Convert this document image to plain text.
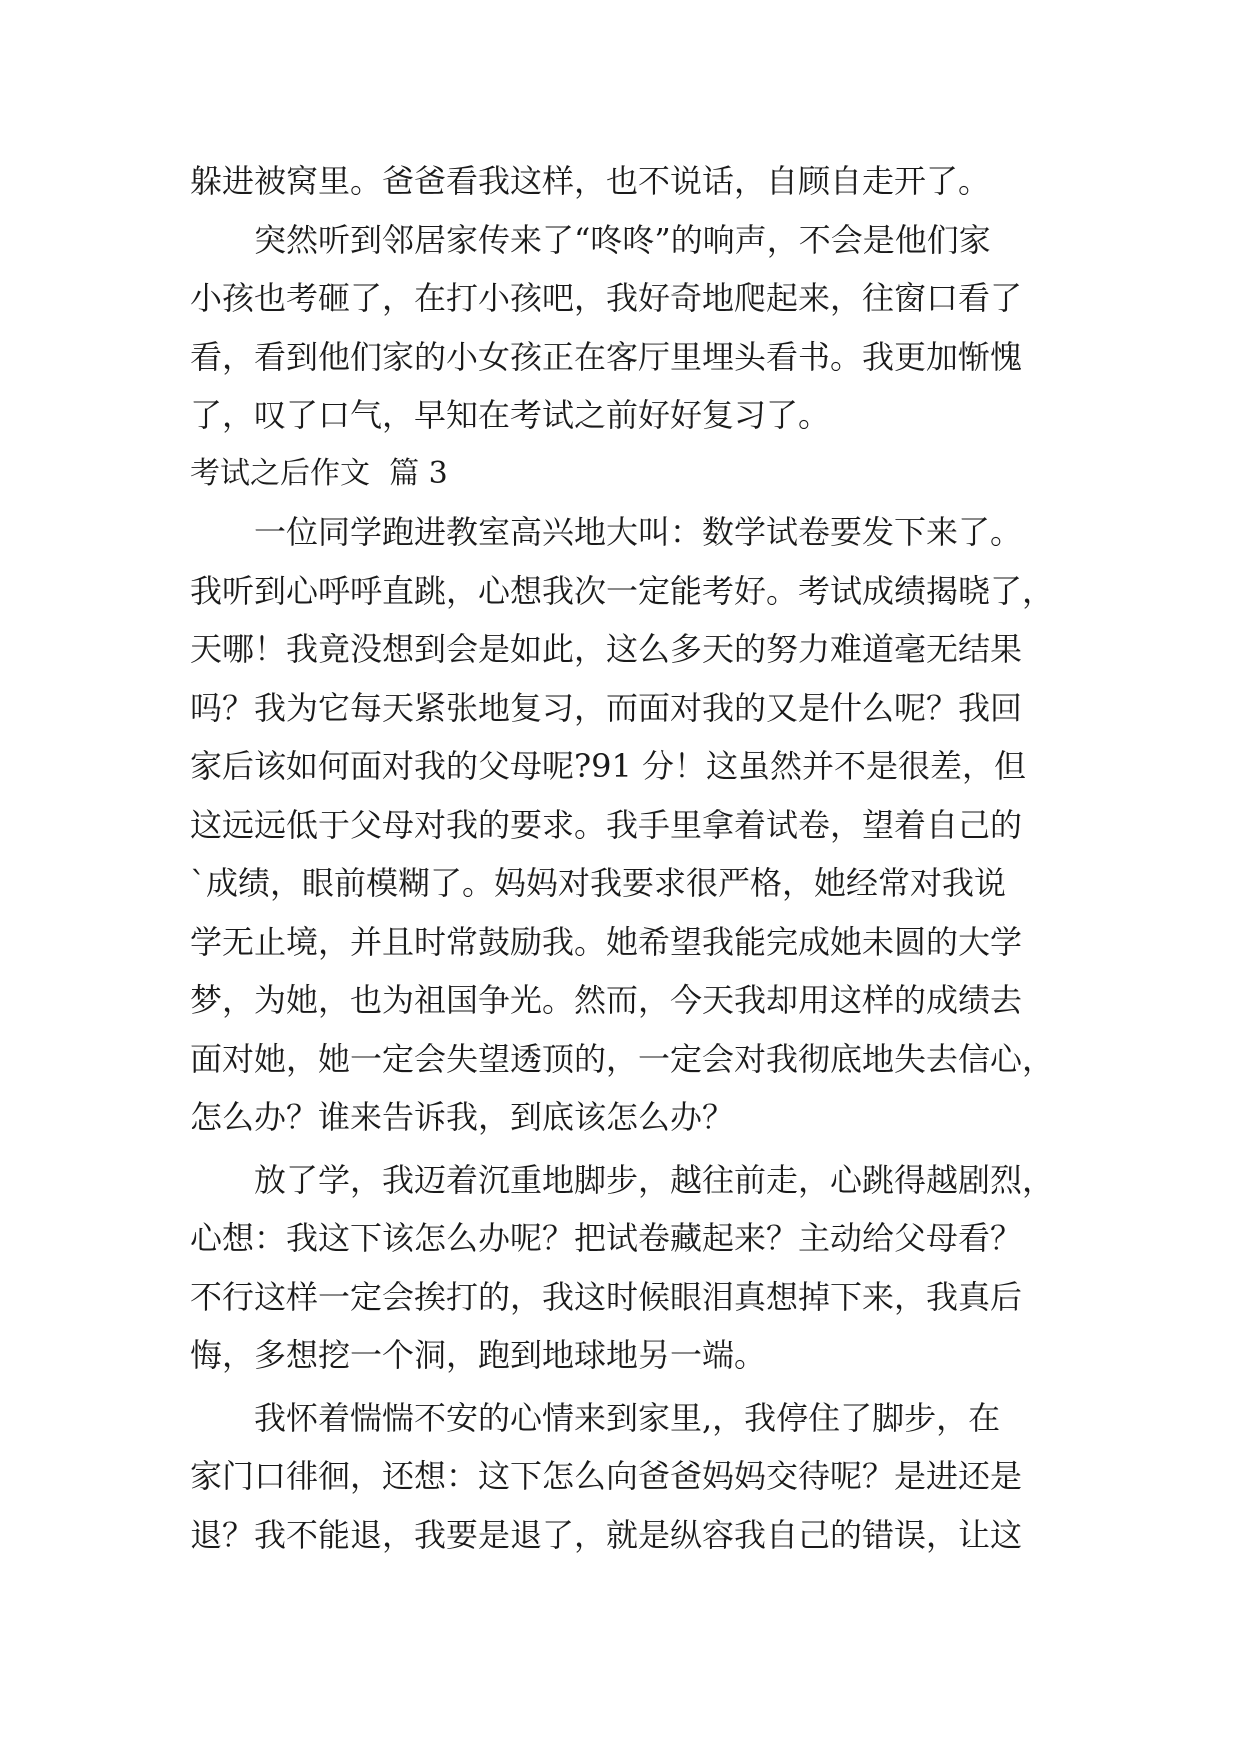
躲进被窝里。爸爸看我这样，也不说话，自顾自走开了。

突然听到邻居家传来了“咚咚”的响声，不会是他们家
小孩也考砸了，在打小孩吧，我好奇地爬起来，往窗口看了
看，看到他们家的小女孩正在客厅里埋头看书。我更加惭愧
了，叹了口气，早知在考试之前好好复习了。

考试之后作文  篇 3

一位同学跑进教室高兴地大叫：数学试卷要发下来了。
我听到心呼呼直跳，心想我次一定能考好。考试成绩揭晓了，
天哪！我竟没想到会是如此，这么多天的努力难道毫无结果
吗？我为它每天紧张地复习，而面对我的又是什么呢？我回
家后该如何面对我的父母呢?91 分！这虽然并不是很差，但
这远远低于父母对我的要求。我手里拿着试卷，望着自己的
`成绩，眼前模糊了。妈妈对我要求很严格，她经常对我说
学无止境，并且时常鼓励我。她希望我能完成她未圆的大学
梦，为她，也为祖国争光。然而，今天我却用这样的成绩去
面对她，她一定会失望透顶的，一定会对我彻底地失去信心，
怎么办？谁来告诉我，到底该怎么办？

放了学，我迈着沉重地脚步，越往前走，心跳得越剧烈，
心想：我这下该怎么办呢？把试卷藏起来？主动给父母看？
不行这样一定会挨打的，我这时候眼泪真想掉下来，我真后
悔，多想挖一个洞，跑到地球地另一端。

我怀着惴惴不安的心情来到家里,，我停住了脚步，在
家门口徘徊，还想：这下怎么向爸爸妈妈交待呢？是进还是
退？我不能退，我要是退了，就是纵容我自己的错误，让这
